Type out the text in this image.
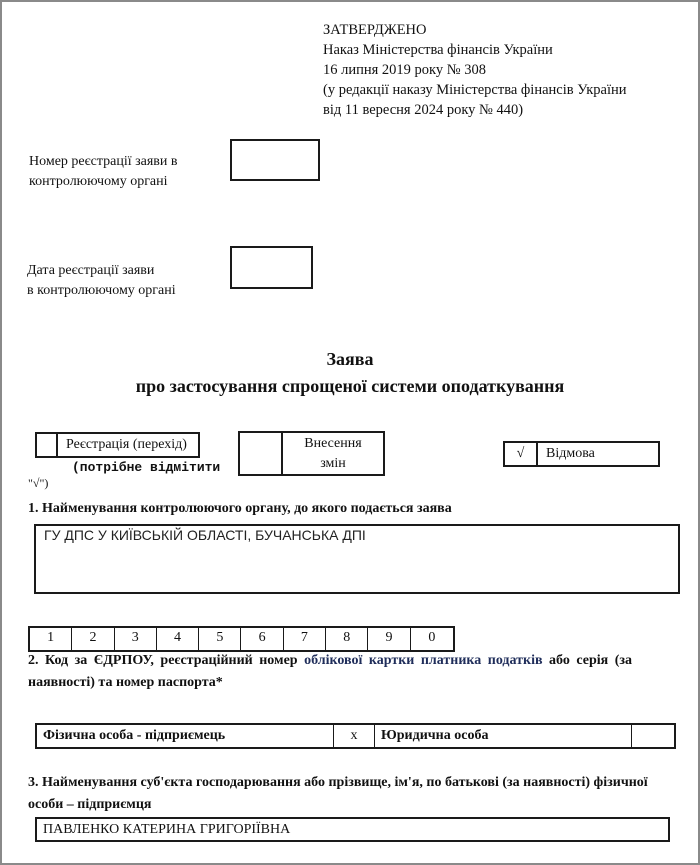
ЗАТВЕРДЖЕНО
Наказ Міністерства фінансів України
16 липня 2019 року № 308
(у редакції наказу Міністерства фінансів України
від 11 вересня 2024 року № 440)
Номер реєстрації заяви в
контролюючому органі
Дата реєстрації заяви
в контролюючому органі
Заява
про застосування спрощеної системи оподаткування
Реєстрація (перехід)
(потрібне відмітити
"√")
Внесення
змін
√	Відмова
1. Найменування контролюючого органу, до якого подається заява
ГУ ДПС У КИЇВСЬКІЙ ОБЛАСТІ, БУЧАНСЬКА ДПІ
1	2	3	4	5	6	7	8	9	0
2. Код за ЄДРПОУ, реєстраційний номер облікової картки платника податків або серія (за
наявності) та номер паспорта*
Фізична особа - підприємець	x	Юридична особа
3. Найменування суб'єкта господарювання або прізвище, ім'я, по батькові (за наявності) фізичної
особи – підприємця
ПАВЛЕНКО КАТЕРИНА ГРИГОРІЇВНА
